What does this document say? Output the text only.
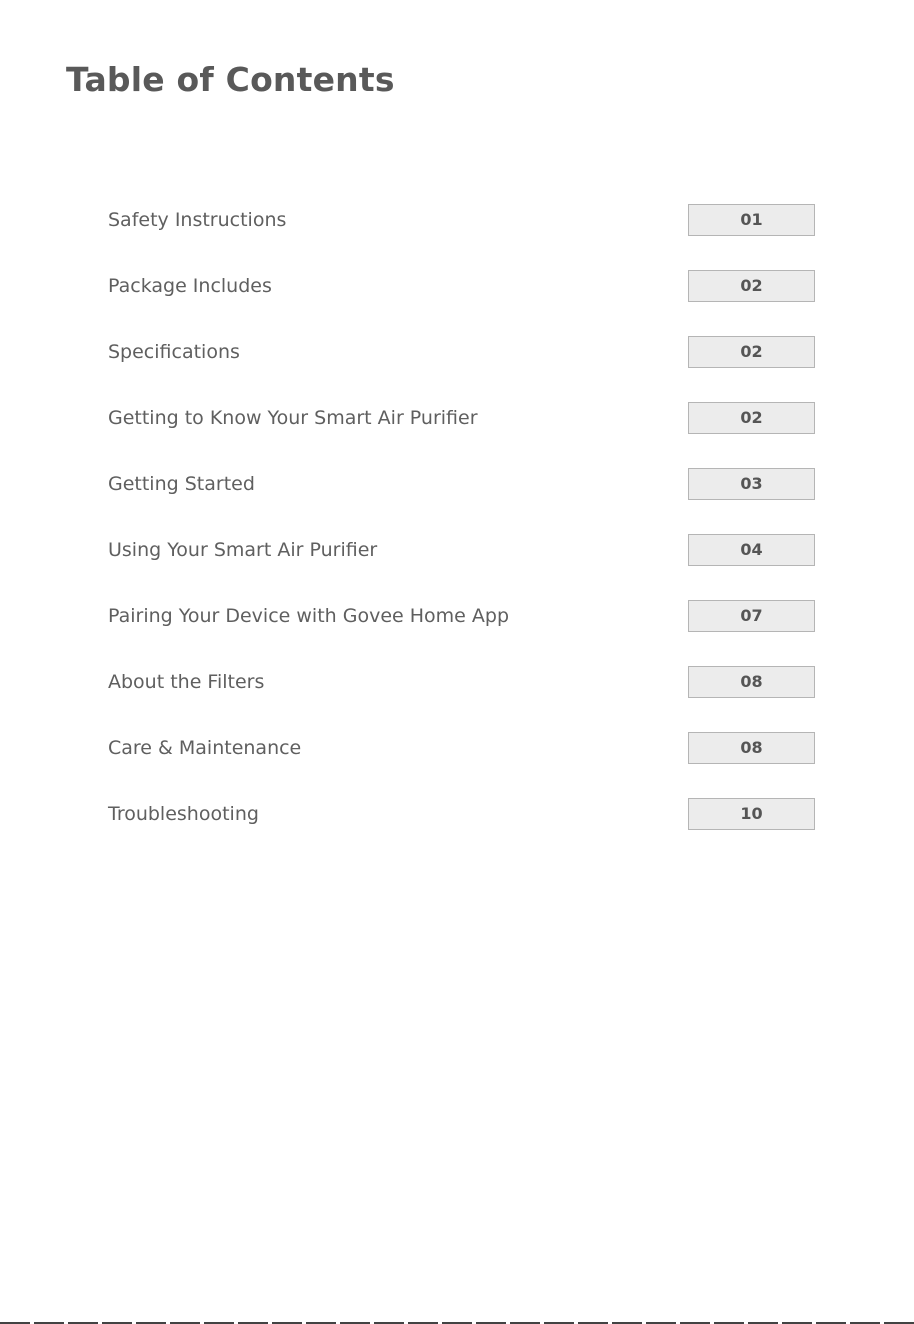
Table of Contents
Safety Instructions	01
Package Includes	02
Specifications	02
Getting to Know Your Smart Air Purifier	02
Getting Started	03
Using Your Smart Air Purifier	04
Pairing Your Device with Govee Home App	07
About the Filters	08
Care & Maintenance	08
Troubleshooting	10
